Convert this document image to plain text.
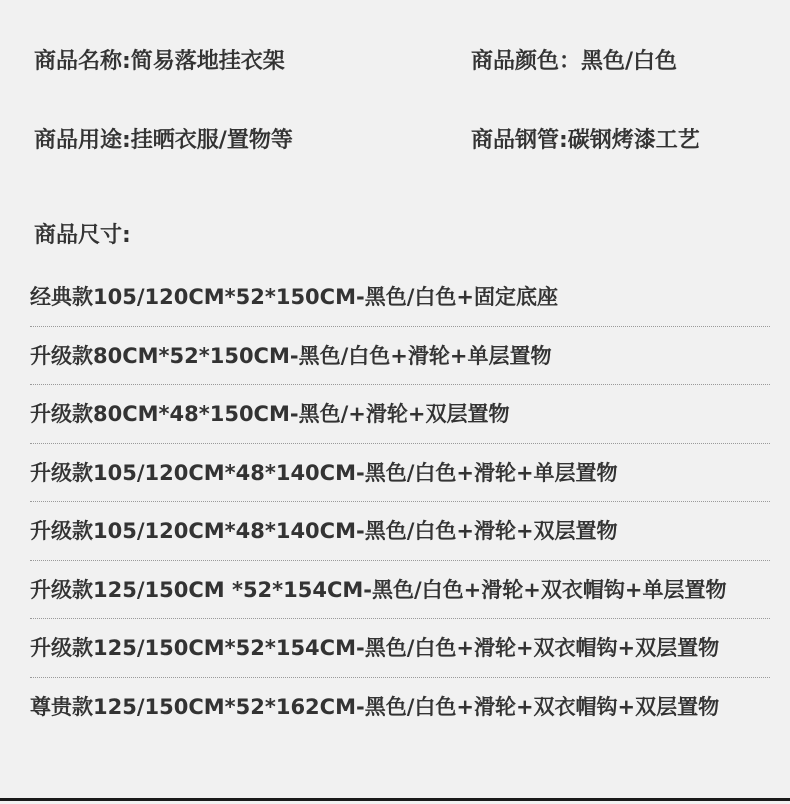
商品名称:简易落地挂衣架	商品颜色：黑色/白色
商品用途:挂晒衣服/置物等	商品钢管:碳钢烤漆工艺
商品尺寸:
经典款105/120CM*52*150CM-黑色/白色+固定底座
升级款80CM*52*150CM-黑色/白色+滑轮+单层置物
升级款80CM*48*150CM-黑色/+滑轮+双层置物
升级款105/120CM*48*140CM-黑色/白色+滑轮+单层置物
升级款105/120CM*48*140CM-黑色/白色+滑轮+双层置物
升级款125/150CM *52*154CM-黑色/白色+滑轮+双衣帽钩+单层置物
升级款125/150CM*52*154CM-黑色/白色+滑轮+双衣帽钩+双层置物
尊贵款125/150CM*52*162CM-黑色/白色+滑轮+双衣帽钩+双层置物
